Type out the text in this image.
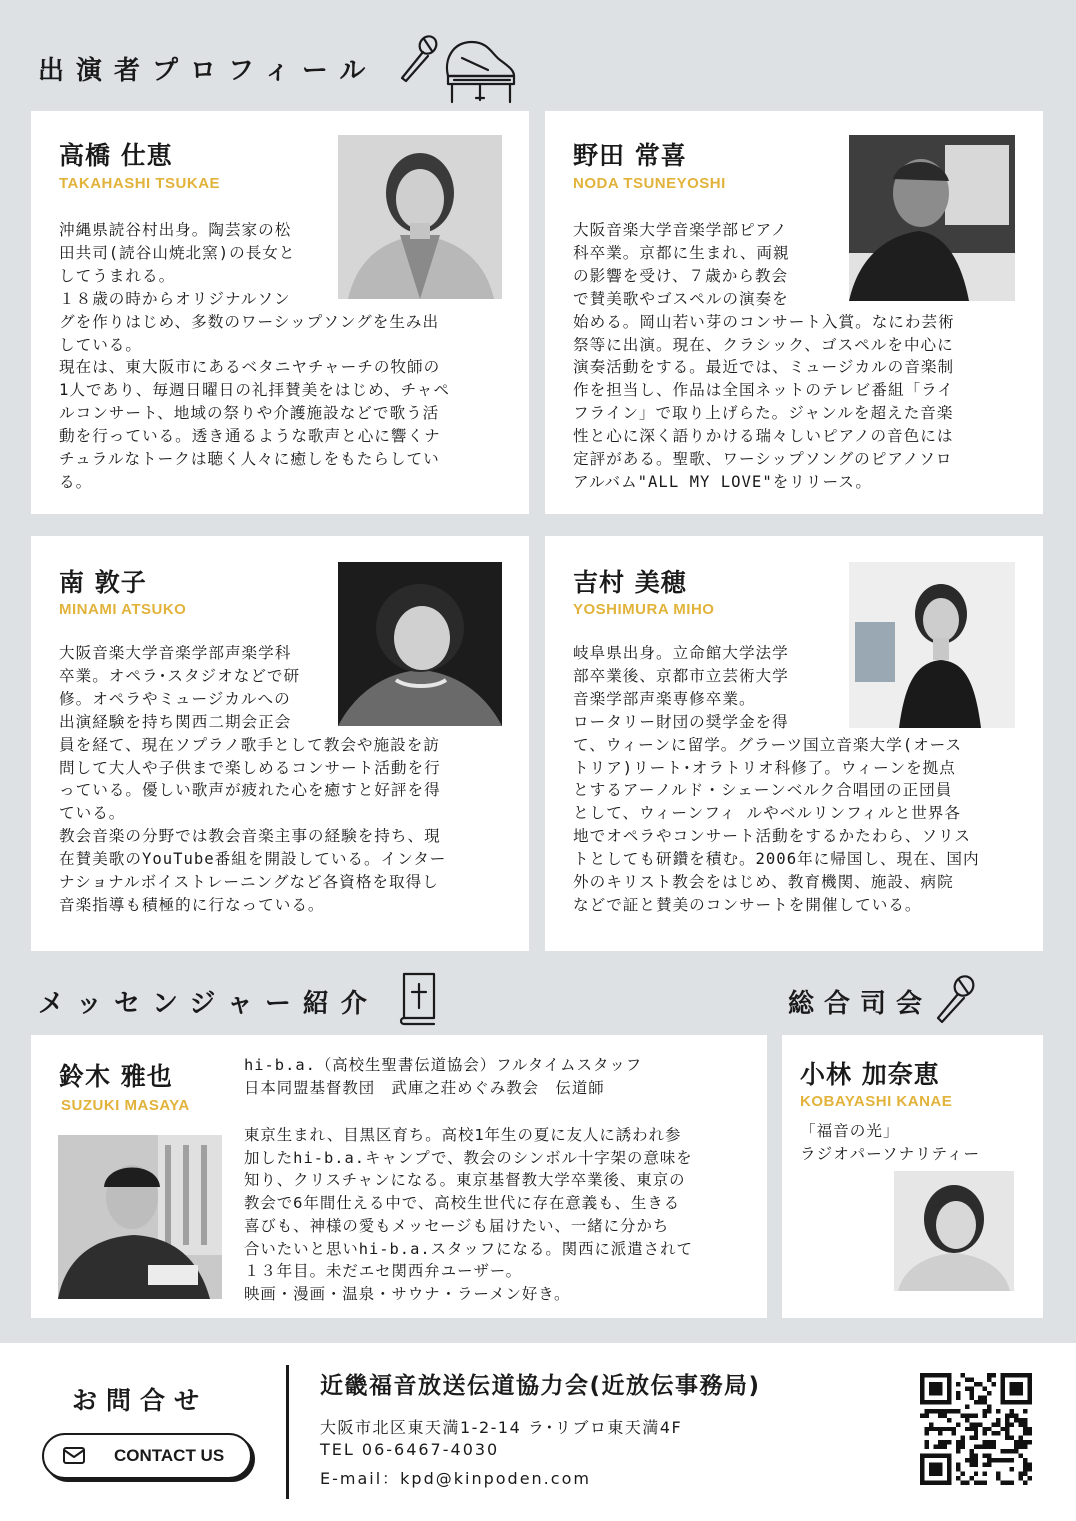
出演者プロフィール
高橋 仕恵
TAKAHASHI TSUKAE
沖縄県読谷村出身。陶芸家の松
田共司(読谷山焼北窯)の長女と
してうまれる。
１８歳の時からオリジナルソン
グを作りはじめ、多数のワーシップソングを生み出
している。
現在は、東大阪市にあるベタニヤチャーチの牧師の
1人であり、毎週日曜日の礼拝賛美をはじめ、チャペ
ルコンサート、地域の祭りや介護施設などで歌う活
動を行っている。透き通るような歌声と心に響くナ
チュラルなトークは聴く人々に癒しをもたらしてい
る。
野田 常喜
NODA TSUNEYOSHI
大阪音楽大学音楽学部ピアノ
科卒業。京都に生まれ、両親
の影響を受け、７歳から教会
で賛美歌やゴスペルの演奏を
始める。岡山若い芽のコンサート入賞。なにわ芸術
祭等に出演。現在、クラシック、ゴスペルを中心に
演奏活動をする。最近では、ミュージカルの音楽制
作を担当し、作品は全国ネットのテレビ番組「ライ
フライン」で取り上げらた。ジャンルを超えた音楽
性と心に深く語りかける瑞々しいピアノの音色には
定評がある。聖歌、ワーシップソングのピアノソロ
アルバム"ALL MY LOVE"をリリース。
南 敦子
MINAMI ATSUKO
大阪音楽大学音楽学部声楽学科
卒業。オペラ･スタジオなどで研
修。オペラやミュージカルへの
出演経験を持ち関西二期会正会
員を経て、現在ソプラノ歌手として教会や施設を訪
問して大人や子供まで楽しめるコンサート活動を行
っている。優しい歌声が疲れた心を癒すと好評を得
ている。
教会音楽の分野では教会音楽主事の経験を持ち、現
在賛美歌のYouTube番組を開設している。インター
ナショナルボイストレーニングなど各資格を取得し
音楽指導も積極的に行なっている。
吉村 美穂
YOSHIMURA MIHO
岐阜県出身。立命館大学法学
部卒業後、京都市立芸術大学
音楽学部声楽専修卒業。
ロータリー財団の奨学金を得
て、ウィーンに留学。グラーツ国立音楽大学(オース
トリア)リート･オラトリオ科修了。ウィーンを拠点
とするアーノルド・シェーンベルク合唱団の正団員
として、ウィーンフィ ルやベルリンフィルと世界各
地でオペラやコンサート活動をするかたわら、ソリス
トとしても研鑽を積む。2006年に帰国し、現在、国内
外のキリスト教会をはじめ、教育機関、施設、病院
などで証と賛美のコンサートを開催している。
メッセンジャー紹介	総合司会
鈴木 雅也
SUZUKI MASAYA
hi-b.a.（高校生聖書伝道協会）フルタイムスタッフ
日本同盟基督教団　武庫之荘めぐみ教会　伝道師
東京生まれ、目黒区育ち。高校1年生の夏に友人に誘われ参
加したhi-b.a.キャンプで、教会のシンボル十字架の意味を
知り、クリスチャンになる。東京基督教大学卒業後、東京の
教会で6年間仕える中で、高校生世代に存在意義も、生きる
喜びも、神様の愛もメッセージも届けたい、一緒に分かち
合いたいと思いhi-b.a.スタッフになる。関西に派遣されて
１３年目。未だエセ関西弁ユーザー。
映画・漫画・温泉・サウナ・ラーメン好き。
小林 加奈恵
KOBAYASHI KANAE
「福音の光」
ラジオパーソナリティー
お問合せ
CONTACT US
近畿福音放送伝道協力会(近放伝事務局)
大阪市北区東天満1-2-14 ラ･リブロ東天満4F
TEL 06-6467-4030
E-mail：kpd@kinpoden.com
